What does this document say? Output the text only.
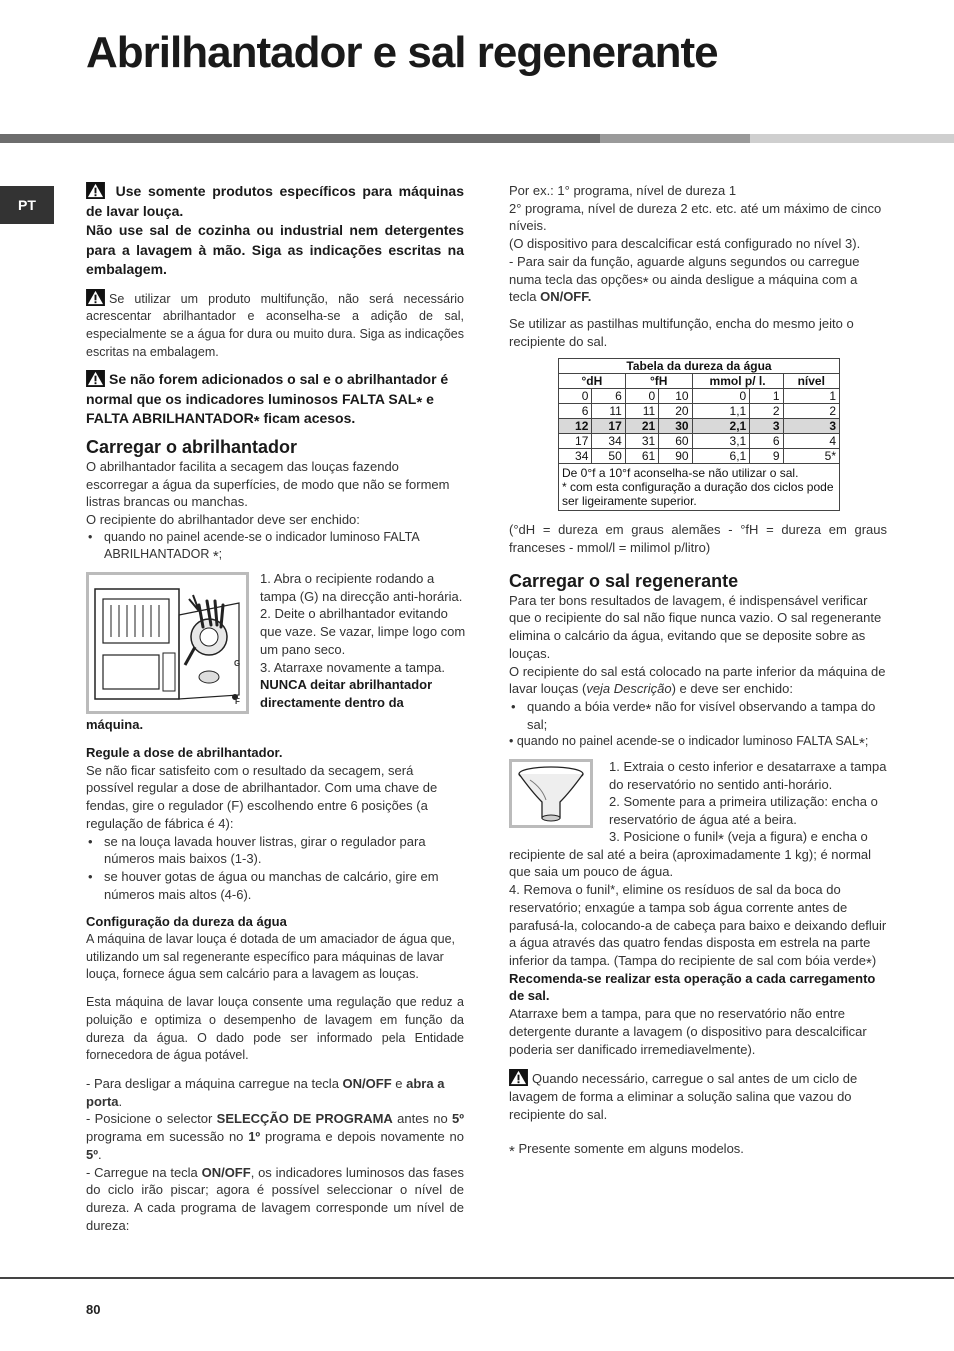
Abrilhantador e sal regenerante
PT

Use somente produtos específicos para máquinas de lavar louça.
Não use sal de cozinha ou industrial nem detergentes para a lavagem à mão. Siga as indicações escritas na embalagem.

Se utilizar um produto multifunção, não será necessário acrescentar abrilhantador e aconselha-se a adição de sal, especialmente se a água for dura ou muito dura. Siga as indicações escritas na embalagem.

Se não forem adicionados o sal e o abrilhantador é normal que os indicadores luminosos FALTA SAL* e FALTA ABRILHANTADOR* ficam acesos.

Carregar o abrilhantador

O abrilhantador facilita a secagem das louças fazendo escorregar a água da superfícies, de modo que não se formem listras brancas ou manchas.

O recipiente do abrilhantador deve ser enchido:

• quando no painel acende-se o indicador luminoso FALTA ABRILHANTADOR *;

G
F

1. Abra o recipiente rodando a tampa (G) na direcção anti-horária.

2. Deite o abrilhantador evitando que vaze. Se vazar, limpe logo com um pano seco.

3. Atarraxe novamente a tampa.

NUNCA deitar abrilhantador directamente dentro da

máquina.

Regule a dose de abrilhantador.

Se não ficar satisfeito com o resultado da secagem, será possível regular a dose de abrilhantador. Com uma chave de fendas, gire o regulador (F) escolhendo entre 6 posições (a regulação de fábrica é 4):

• se na louça lavada houver listras, girar o regulador para números mais baixos (1-3).

• se houver gotas de água ou manchas de calcário, gire em números mais altos (4-6).

Configuração da dureza da água

A máquina de lavar louça é dotada de um amaciador de água que, utilizando um sal regenerante específico para máquinas de lavar louça, fornece água sem calcário para a lavagem as louças.

Esta máquina de lavar louça consente uma regulação que reduz a poluição e optimiza o desempenho de lavagem em função da dureza da água. O dado pode ser informado pela Entidade fornecedora de água potável.

- Para desligar a máquina carregue na tecla ON/OFF e abra a porta.

- Posicione o selector SELECÇÃO DE PROGRAMA antes no 5º programa em sucessão no 1º programa e depois novamente no 5º.

- Carregue na tecla ON/OFF, os indicadores luminosos das fases do ciclo irão piscar; agora é possível seleccionar o nível de dureza. A cada programa de lavagem corresponde um nível de dureza:

Por ex.: 1° programa, nível de dureza 1

2° programa, nível de dureza 2 etc. etc. até um máximo de cinco níveis.

(O dispositivo para descalcificar está configurado no nível 3).

- Para sair da função, aguarde alguns segundos ou carregue numa tecla das opções* ou ainda desligue a máquina com a tecla ON/OFF.

Se utilizar as pastilhas multifunção, encha do mesmo jeito o recipiente do sal.

Tabela da dureza da água						
°dH		°fH		mmol p/ l.		nível
0	6	0	10	0	1	1
6	11	11	20	1,1	2	2
12	17	21	30	2,1	3	3
17	34	31	60	3,1	6	4
34	50	61	90	6,1	9	5*
De 0°f a 10°f aconselha-se não utilizar o sal.
* com esta configuração a duração dos ciclos pode ser ligeiramente superior.						

(°dH = dureza em graus alemães - °fH = dureza em graus franceses - mmol/l = milimol p/litro)

Carregar o sal regenerante

Para ter bons resultados de lavagem, é indispensável verificar que o recipiente do sal não fique nunca vazio. O sal regenerante elimina o calcário da água, evitando que se deposite sobre as louças.

O recipiente do sal está colocado na parte inferior da máquina de lavar louças (veja Descrição) e deve ser enchido:

• quando a bóia verde* não for visível observando a tampa do sal;

• quando no painel acende-se o indicador luminoso FALTA SAL*;

1. Extraia o cesto inferior e desatarraxe a tampa do reservatório no sentido anti-horário.

2. Somente para a primeira utilização: encha o reservatório de água até a beira.

3. Posicione o funil* (veja a figura) e encha o recipiente de sal até a beira (aproximadamente 1 kg); é normal que saia um pouco de água.

4. Remova o funil*, elimine os resíduos de sal da boca do reservatório; enxagúe a tampa sob água corrente antes de parafusá-la, colocando-a de cabeça para baixo e deixando defluir a água através das quatro fendas disposta em estrela na parte inferior da tampa. (Tampa do recipiente de sal com bóia verde*)

Recomenda-se realizar esta operação a cada carregamento de sal.

Atarraxe bem a tampa, para que no reservatório não entre detergente durante a lavagem (o dispositivo para descalcificar poderia ser danificado irremediavelmente).

Quando necessário, carregue o sal antes de um ciclo de lavagem de forma a eliminar a solução salina que vazou do recipiente do sal.

* Presente somente em alguns modelos.

80
